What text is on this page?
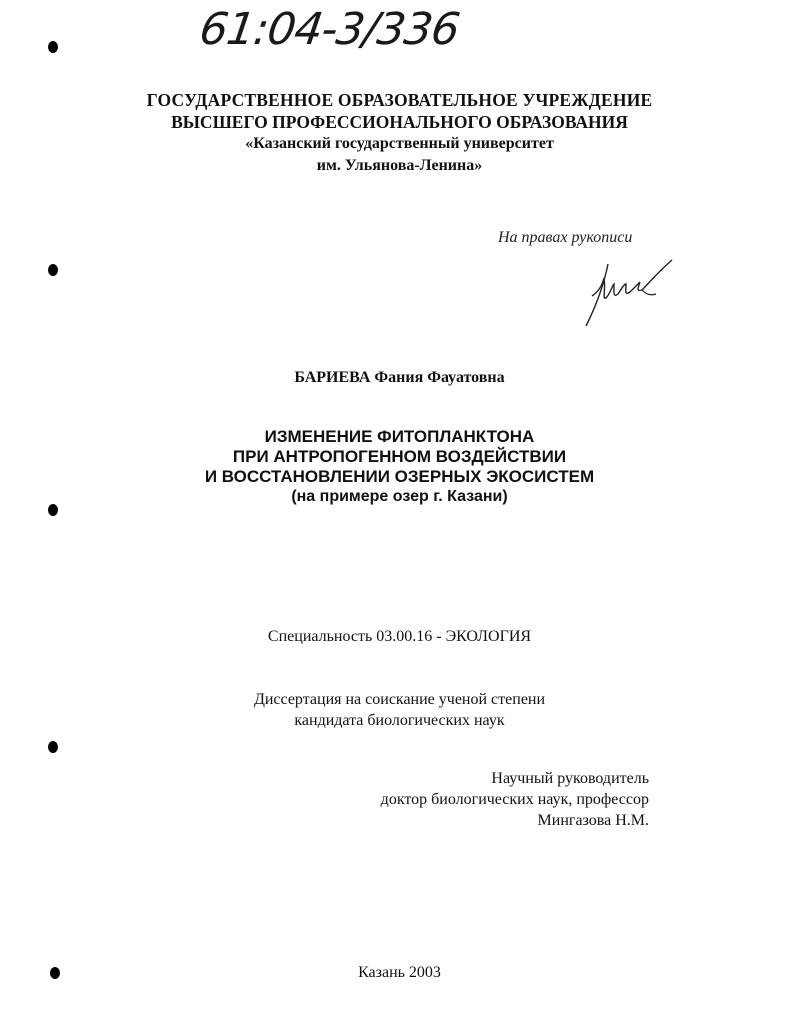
61:04-3/336
ГОСУДАРСТВЕННОЕ ОБРАЗОВАТЕЛЬНОЕ УЧРЕЖДЕНИЕ
ВЫСШЕГО ПРОФЕССИОНАЛЬНОГО ОБРАЗОВАНИЯ
«Казанский государственный университет
им. Ульянова-Ленина»
На правах рукописи
БАРИЕВА Фания Фауатовна
ИЗМЕНЕНИЕ ФИТОПЛАНКТОНА
ПРИ АНТРОПОГЕННОМ ВОЗДЕЙСТВИИ
И ВОССТАНОВЛЕНИИ ОЗЕРНЫХ ЭКОСИСТЕМ
(на примере озер г. Казани)
Специальность 03.00.16 - ЭКОЛОГИЯ
Диссертация на соискание ученой степени
кандидата биологических наук
Научный руководитель
доктор биологических наук, профессор
Мингазова Н.М.
Казань 2003
